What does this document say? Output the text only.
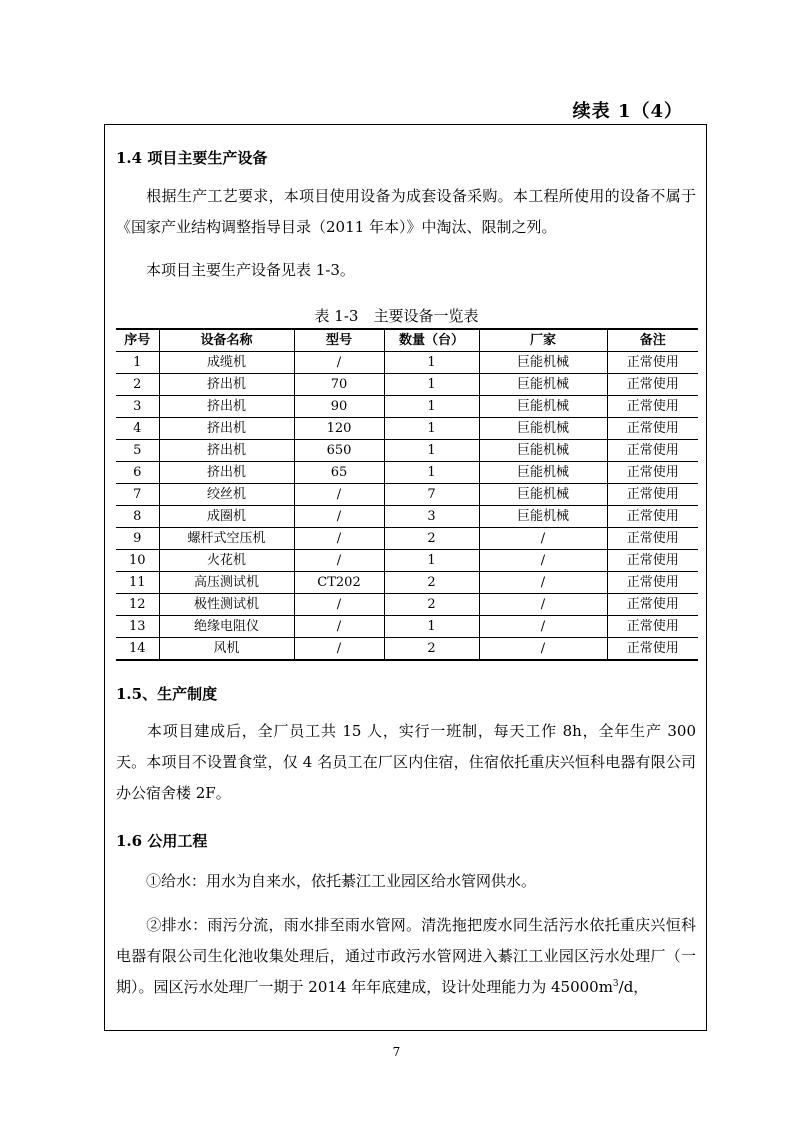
续表 1（4）
1.4 项目主要生产设备

根据生产工艺要求，本项目使用设备为成套设备采购。本工程所使用的设备不属于《国家产业结构调整指导目录（2011 年本）》中淘汰、限制之列。

本项目主要生产设备见表 1-3。

表 1-3　主要设备一览表
序号	设备名称	型号	数量（台）	厂家	备注
1	成缆机	/	1	巨能机械	正常使用
2	挤出机	70	1	巨能机械	正常使用
3	挤出机	90	1	巨能机械	正常使用
4	挤出机	120	1	巨能机械	正常使用
5	挤出机	650	1	巨能机械	正常使用
6	挤出机	65	1	巨能机械	正常使用
7	绞丝机	/	7	巨能机械	正常使用
8	成圈机	/	3	巨能机械	正常使用
9	螺杆式空压机	/	2	/	正常使用
10	火花机	/	1	/	正常使用
11	高压测试机	CT202	2	/	正常使用
12	极性测试机	/	2	/	正常使用
13	绝缘电阻仪	/	1	/	正常使用
14	风机	/	2	/	正常使用
1.5、生产制度

本项目建成后，全厂员工共 15 人，实行一班制，每天工作 8h，全年生产 300 天。本项目不设置食堂，仅 4 名员工在厂区内住宿，住宿依托重庆兴恒科电器有限公司办公宿舍楼 2F。

1.6 公用工程

①给水：用水为自来水，依托綦江工业园区给水管网供水。

②排水：雨污分流，雨水排至雨水管网。清洗拖把废水同生活污水依托重庆兴恒科电器有限公司生化池收集处理后，通过市政污水管网进入綦江工业园区污水处理厂（一期）。园区污水处理厂一期于 2014 年年底建成，设计处理能力为 $45000m^3/d$，

7
